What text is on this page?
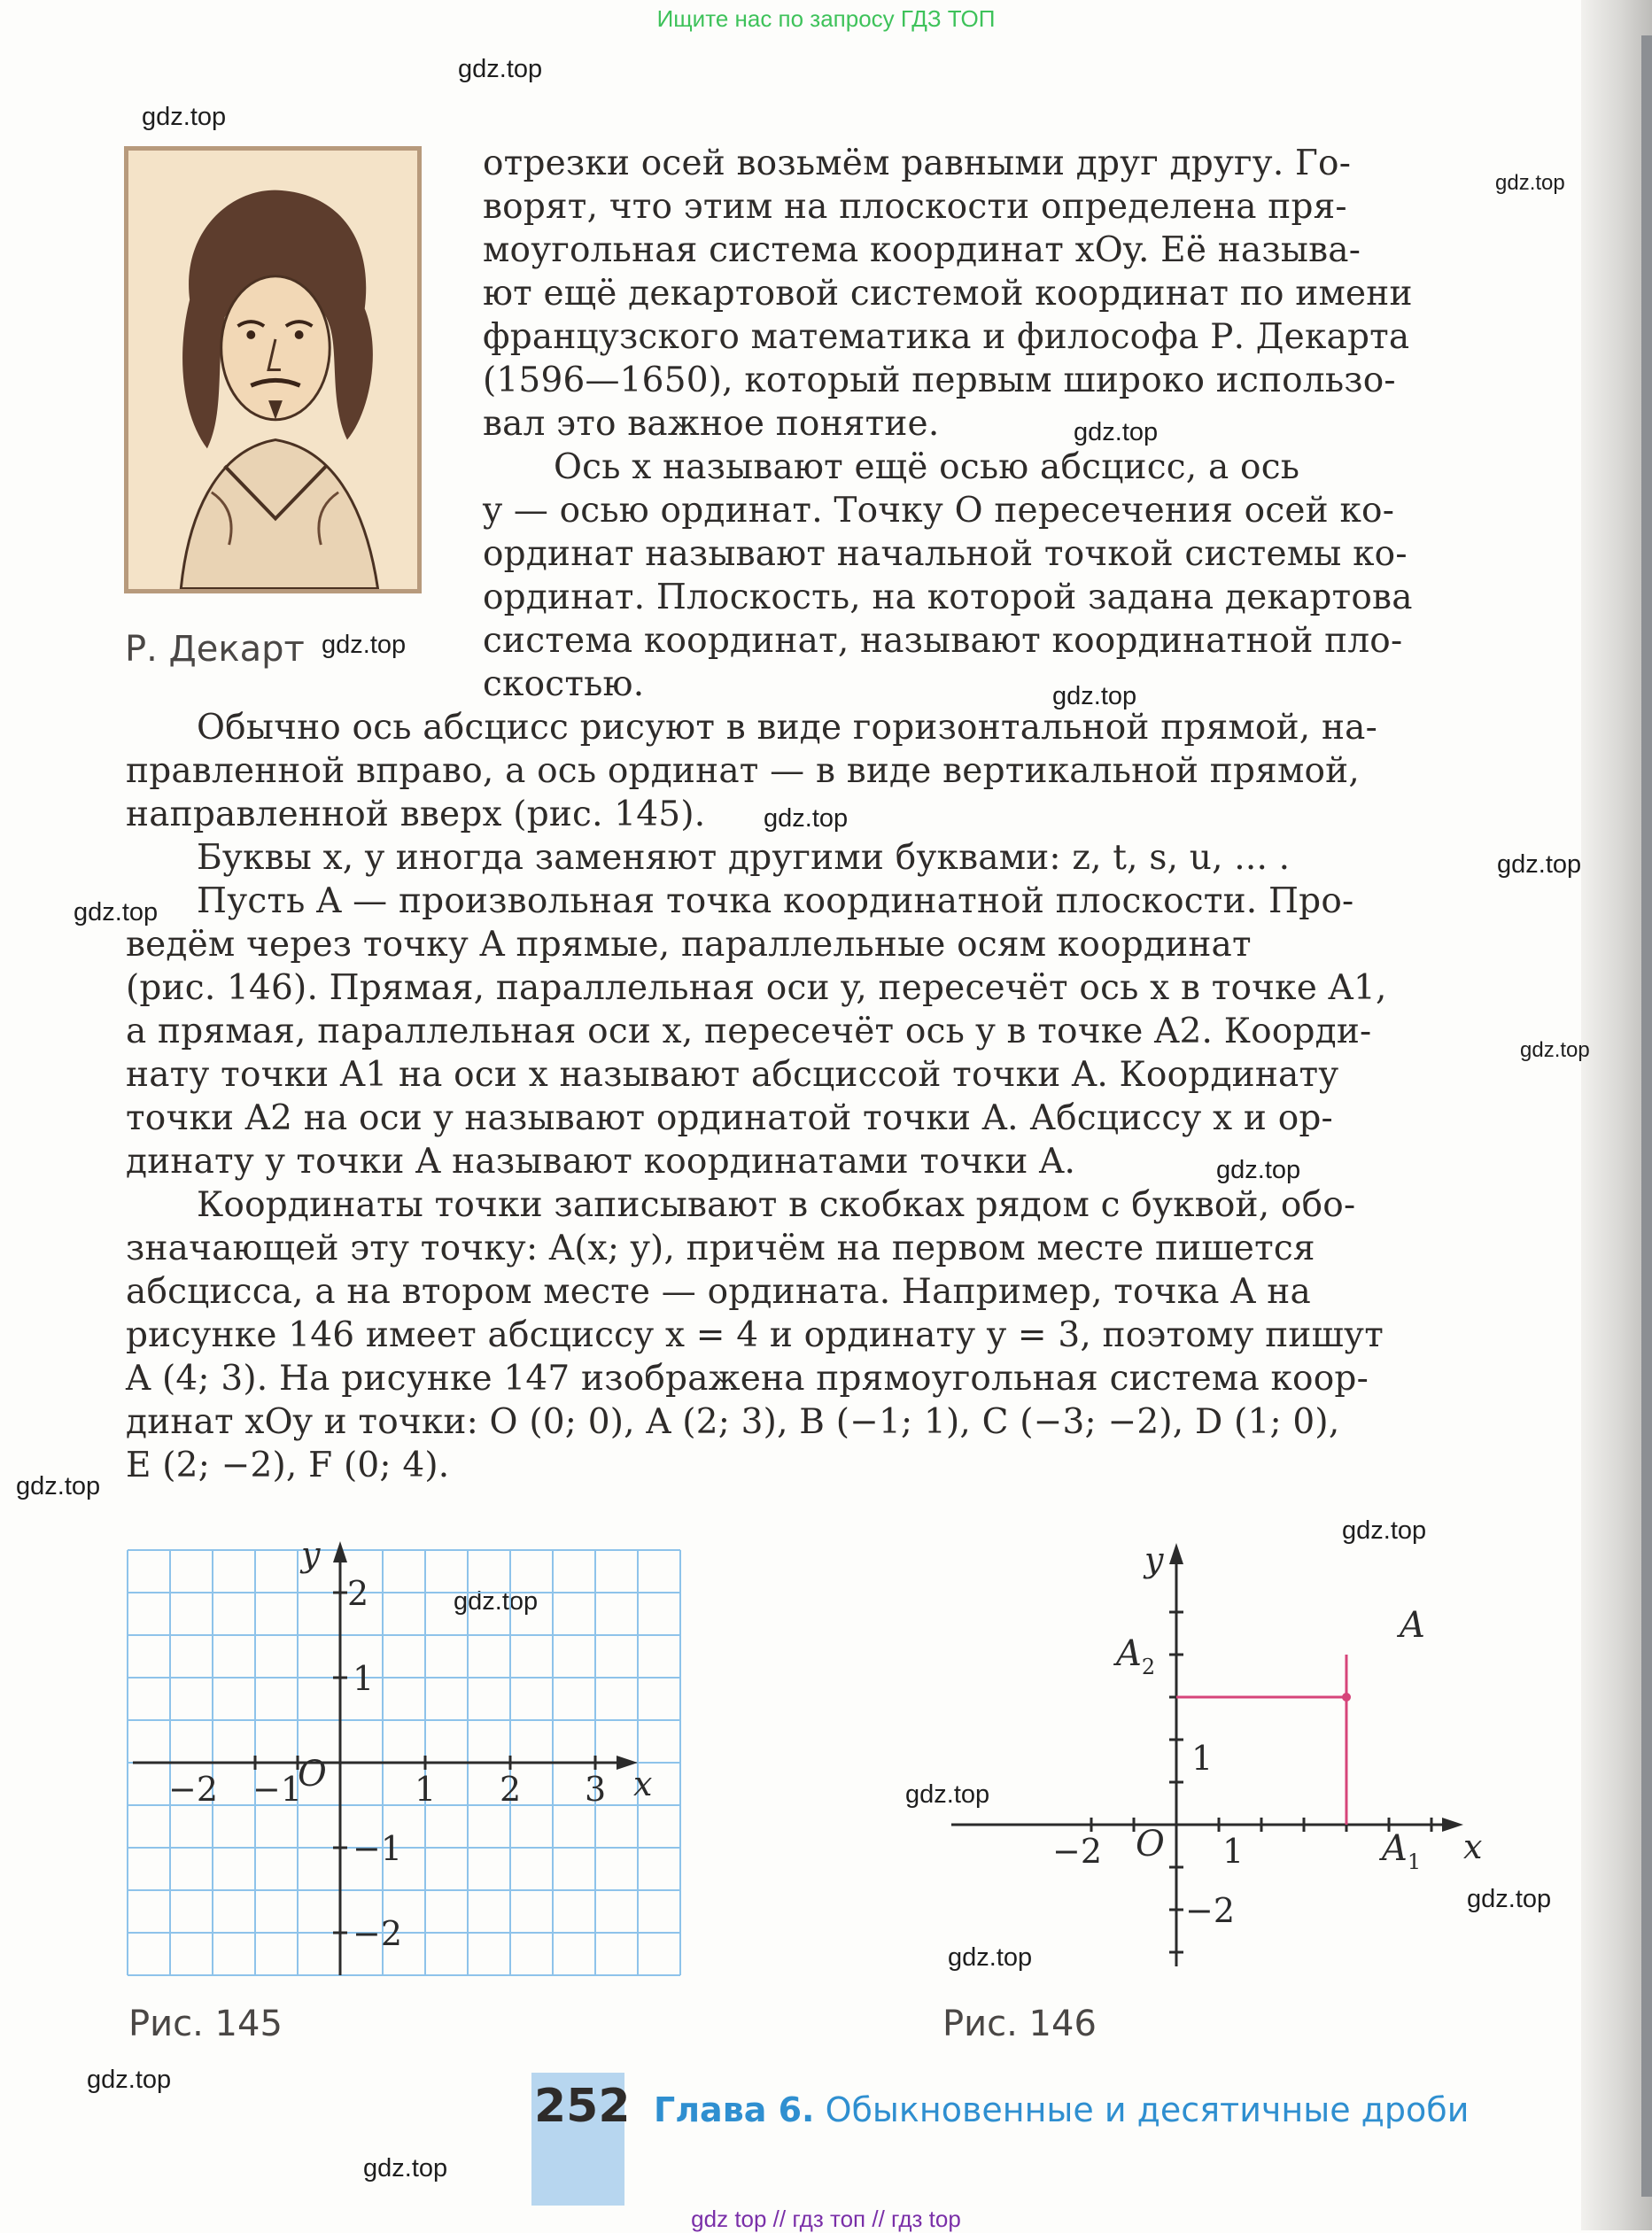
Ищите нас по запросу ГДЗ ТОП
gdz.top
gdz.top
gdz.top
gdz.top
gdz.top
gdz.top
gdz.top
gdz.top
gdz.top
gdz.top
gdz.top
gdz.top
gdz.top
gdz.top
gdz.top
gdz.top
gdz.top
gdz.top
gdz.top
Р. Декарт
отрезки осей возьмём равными друг другу. Го-
ворят, что этим на плоскости определена пря-
моугольная система координат xOy. Её называ-
ют ещё декартовой системой координат по имени
французского математика и философа Р. Декарта
(1596—1650), который первым широко использо-
вал это важное понятие.
Ось x называют ещё осью абсцисс, а ось
y — осью ординат. Точку O пересечения осей ко-
ординат называют начальной точкой системы ко-
ординат. Плоскость, на которой задана декартова
система координат, называют координатной пло-
скостью.
Обычно ось абсцисс рисуют в виде горизонтальной прямой, на-
правленной вправо, а ось ординат — в виде вертикальной прямой,
направленной вверх (рис. 145).
Буквы x, y иногда заменяют другими буквами: z, t, s, u, ... .
Пусть A — произвольная точка координатной плоскости. Про-
ведём через точку A прямые, параллельные осям координат
(рис. 146). Прямая, параллельная оси y, пересечёт ось x в точке A1,
а прямая, параллельная оси x, пересечёт ось y в точке A2. Коорди-
нату точки A1 на оси x называют абсциссой точки A. Координату
точки A2 на оси y называют ординатой точки A. Абсциссу x и ор-
динату y точки A называют координатами точки A.
Координаты точки записывают в скобках рядом с буквой, обо-
значающей эту точку: A(x; y), причём на первом месте пишется
абсцисса, а на втором месте — ордината. Например, точка A на
рисунке 146 имеет абсциссу x = 4 и ординату y = 3, поэтому пишут
A (4; 3). На рисунке 147 изображена прямоугольная система коор-
динат xOy и точки: O (0; 0), A (2; 3), B (−1; 1), C (−3; −2), D (1; 0),
E (2; −2), F (0; 4).
−2 −1	1 2 3
2
1
−1
−2
O	x
y
Рис. 145
−2	1
1
−2
O	x
y
A
$A_1$
$A_2$
Рис. 146
252 Глава 6. Обыкновенные и десятичные дроби
gdz top // гдз топ // гдз top
